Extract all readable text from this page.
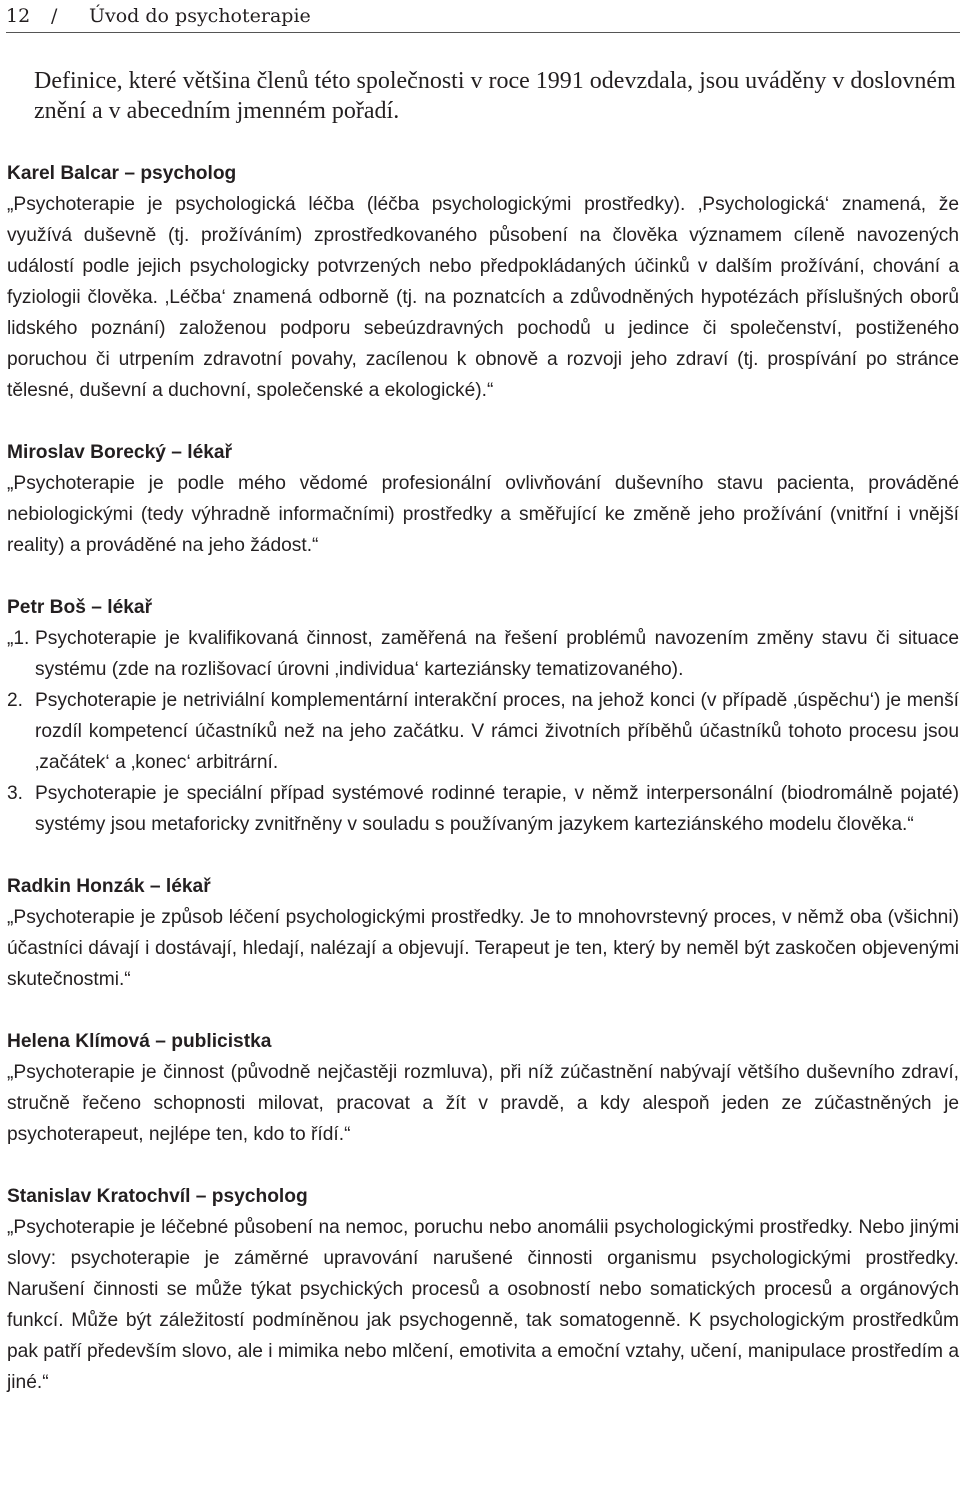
12 / Úvod do psychoterapie

Definice, které většina členů této společnosti v roce 1991 odevzdala, jsou uváděny v doslovném znění a v abecedním jmenném pořadí.

Karel Balcar – psycholog

„Psychoterapie je psychologická léčba (léčba psychologickými prostředky). ‚Psychologická‘ znamená, že využívá duševně (tj. prožíváním) zprostředkovaného působení na člověka významem cíleně navozených událostí podle jejich psychologicky potvrzených nebo předpokládaných účinků v dalším prožívání, chování a fyziologii člověka. ‚Léčba‘ znamená odborně (tj. na poznatcích a zdůvodněných hypotézách příslušných oborů lidského poznání) založenou podporu sebeúzdravných pochodů u jedince či společenství, postiženého poruchou či utrpením zdravotní povahy, zacílenou k obnově a rozvoji jeho zdraví (tj. prospívání po stránce tělesné, duševní a duchovní, společenské a ekologické).“

Miroslav Borecký – lékař

„Psychoterapie je podle mého vědomé profesionální ovlivňování duševního stavu pacienta, prováděné nebiologickými (tedy výhradně informačními) prostředky a směřující ke změně jeho prožívání (vnitřní i vnější reality) a prováděné na jeho žádost.“

Petr Boš – lékař

„1. Psychoterapie je kvalifikovaná činnost, zaměřená na řešení problémů navozením změny stavu či situace systému (zde na rozlišovací úrovni ‚individua‘ karteziánsky tematizovaného).
2. Psychoterapie je netriviální komplementární interakční proces, na jehož konci (v případě ‚úspěchu‘) je menší rozdíl kompetencí účastníků než na jeho začátku. V rámci životních příběhů účastníků tohoto procesu jsou ‚začátek‘ a ‚konec‘ arbitrární.
3. Psychoterapie je speciální případ systémové rodinné terapie, v němž interpersonální (biodromálně pojaté) systémy jsou metaforicky zvnitřněny v souladu s používaným jazykem karteziánského modelu člověka.“

Radkin Honzák – lékař

„Psychoterapie je způsob léčení psychologickými prostředky. Je to mnohovrstevný proces, v němž oba (všichni) účastníci dávají i dostávají, hledají, nalézají a objevují. Terapeut je ten, který by neměl být zaskočen objevenými skutečnostmi.“

Helena Klímová – publicistka

„Psychoterapie je činnost (původně nejčastěji rozmluva), při níž zúčastnění nabývají většího duševního zdraví, stručně řečeno schopnosti milovat, pracovat a žít v pravdě, a kdy alespoň jeden ze zúčastněných je psychoterapeut, nejlépe ten, kdo to řídí.“

Stanislav Kratochvíl – psycholog

„Psychoterapie je léčebné působení na nemoc, poruchu nebo anomálii psychologickými prostředky. Nebo jinými slovy: psychoterapie je záměrné upravování narušené činnosti organismu psychologickými prostředky. Narušení činnosti se může týkat psychických procesů a osobností nebo somatických procesů a orgánových funkcí. Může být záležitostí podmíněnou jak psychogenně, tak somatogenně. K psychologickým prostředkům pak patří především slovo, ale i mimika nebo mlčení, emotivita a emoční vztahy, učení, manipulace prostředím a jiné.“
